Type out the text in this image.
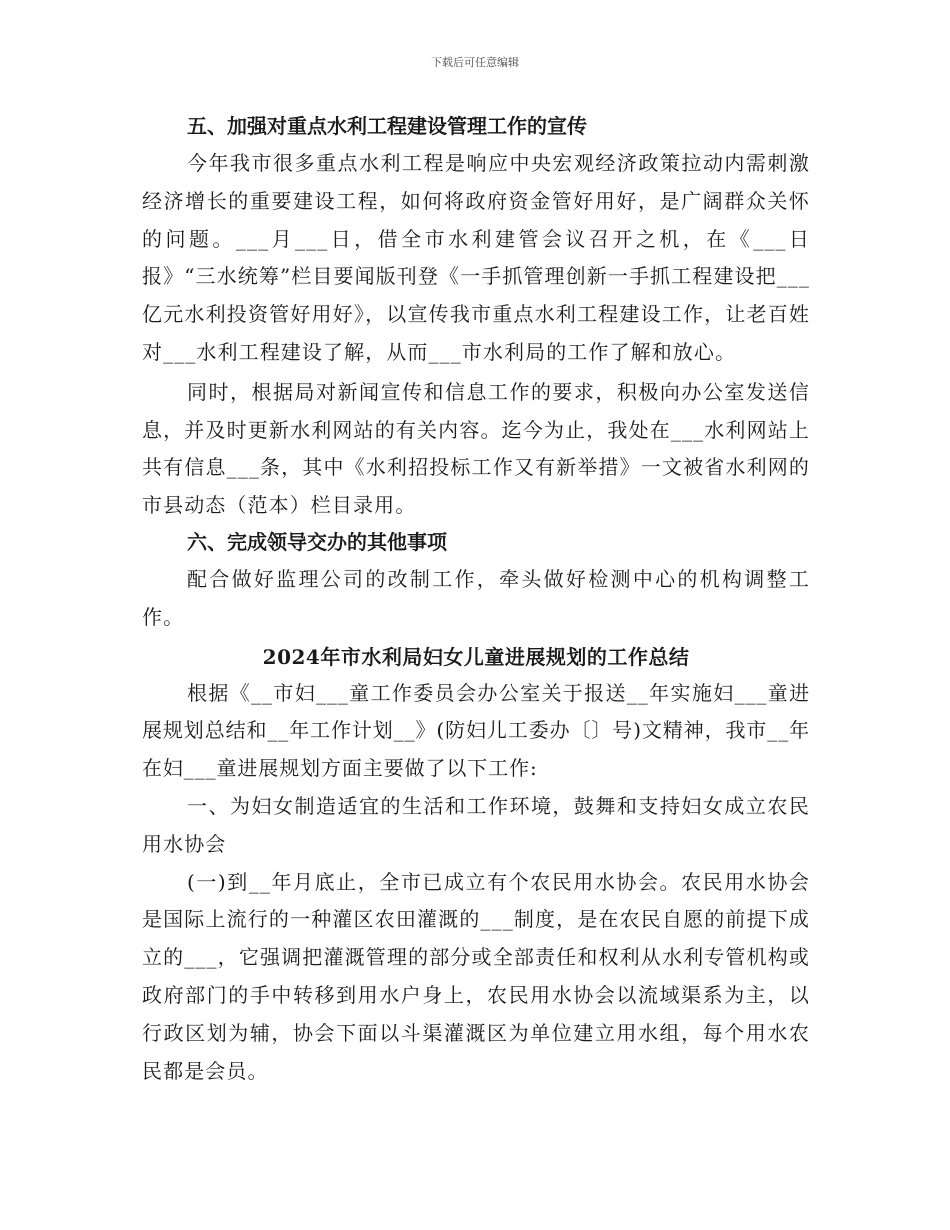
下载后可任意编辑
五、加强对重点水利工程建设管理工作的宣传

今年我市很多重点水利工程是响应中央宏观经济政策拉动内需刺激经济增长的重要建设工程，如何将政府资金管好用好，是广阔群众关怀的问题。___月___日，借全市水利建管会议召开之机，在《___日报》“三水统筹”栏目要闻版刊登《一手抓管理创新一手抓工程建设把___亿元水利投资管好用好》，以宣传我市重点水利工程建设工作，让老百姓对___水利工程建设了解，从而___市水利局的工作了解和放心。

同时，根据局对新闻宣传和信息工作的要求，积极向办公室发送信息，并及时更新水利网站的有关内容。迄今为止，我处在___水利网站上共有信息___条，其中《水利招投标工作又有新举措》一文被省水利网的市县动态（范本）栏目录用。

六、完成领导交办的其他事项

配合做好监理公司的改制工作，牵头做好检测中心的机构调整工作。

2024年市水利局妇女儿童进展规划的工作总结

根据《__市妇___童工作委员会办公室关于报送__年实施妇___童进展规划总结和__年工作计划__》(防妇儿工委办〔〕号)文精神，我市__年在妇___童进展规划方面主要做了以下工作:

一、为妇女制造适宜的生活和工作环境，鼓舞和支持妇女成立农民用水协会

(一)到__年月底止，全市已成立有个农民用水协会。农民用水协会是国际上流行的一种灌区农田灌溉的___制度，是在农民自愿的前提下成立的___，它强调把灌溉管理的部分或全部责任和权利从水利专管机构或政府部门的手中转移到用水户身上，农民用水协会以流域渠系为主，以行政区划为辅，协会下面以斗渠灌溉区为单位建立用水组，每个用水农民都是会员。
